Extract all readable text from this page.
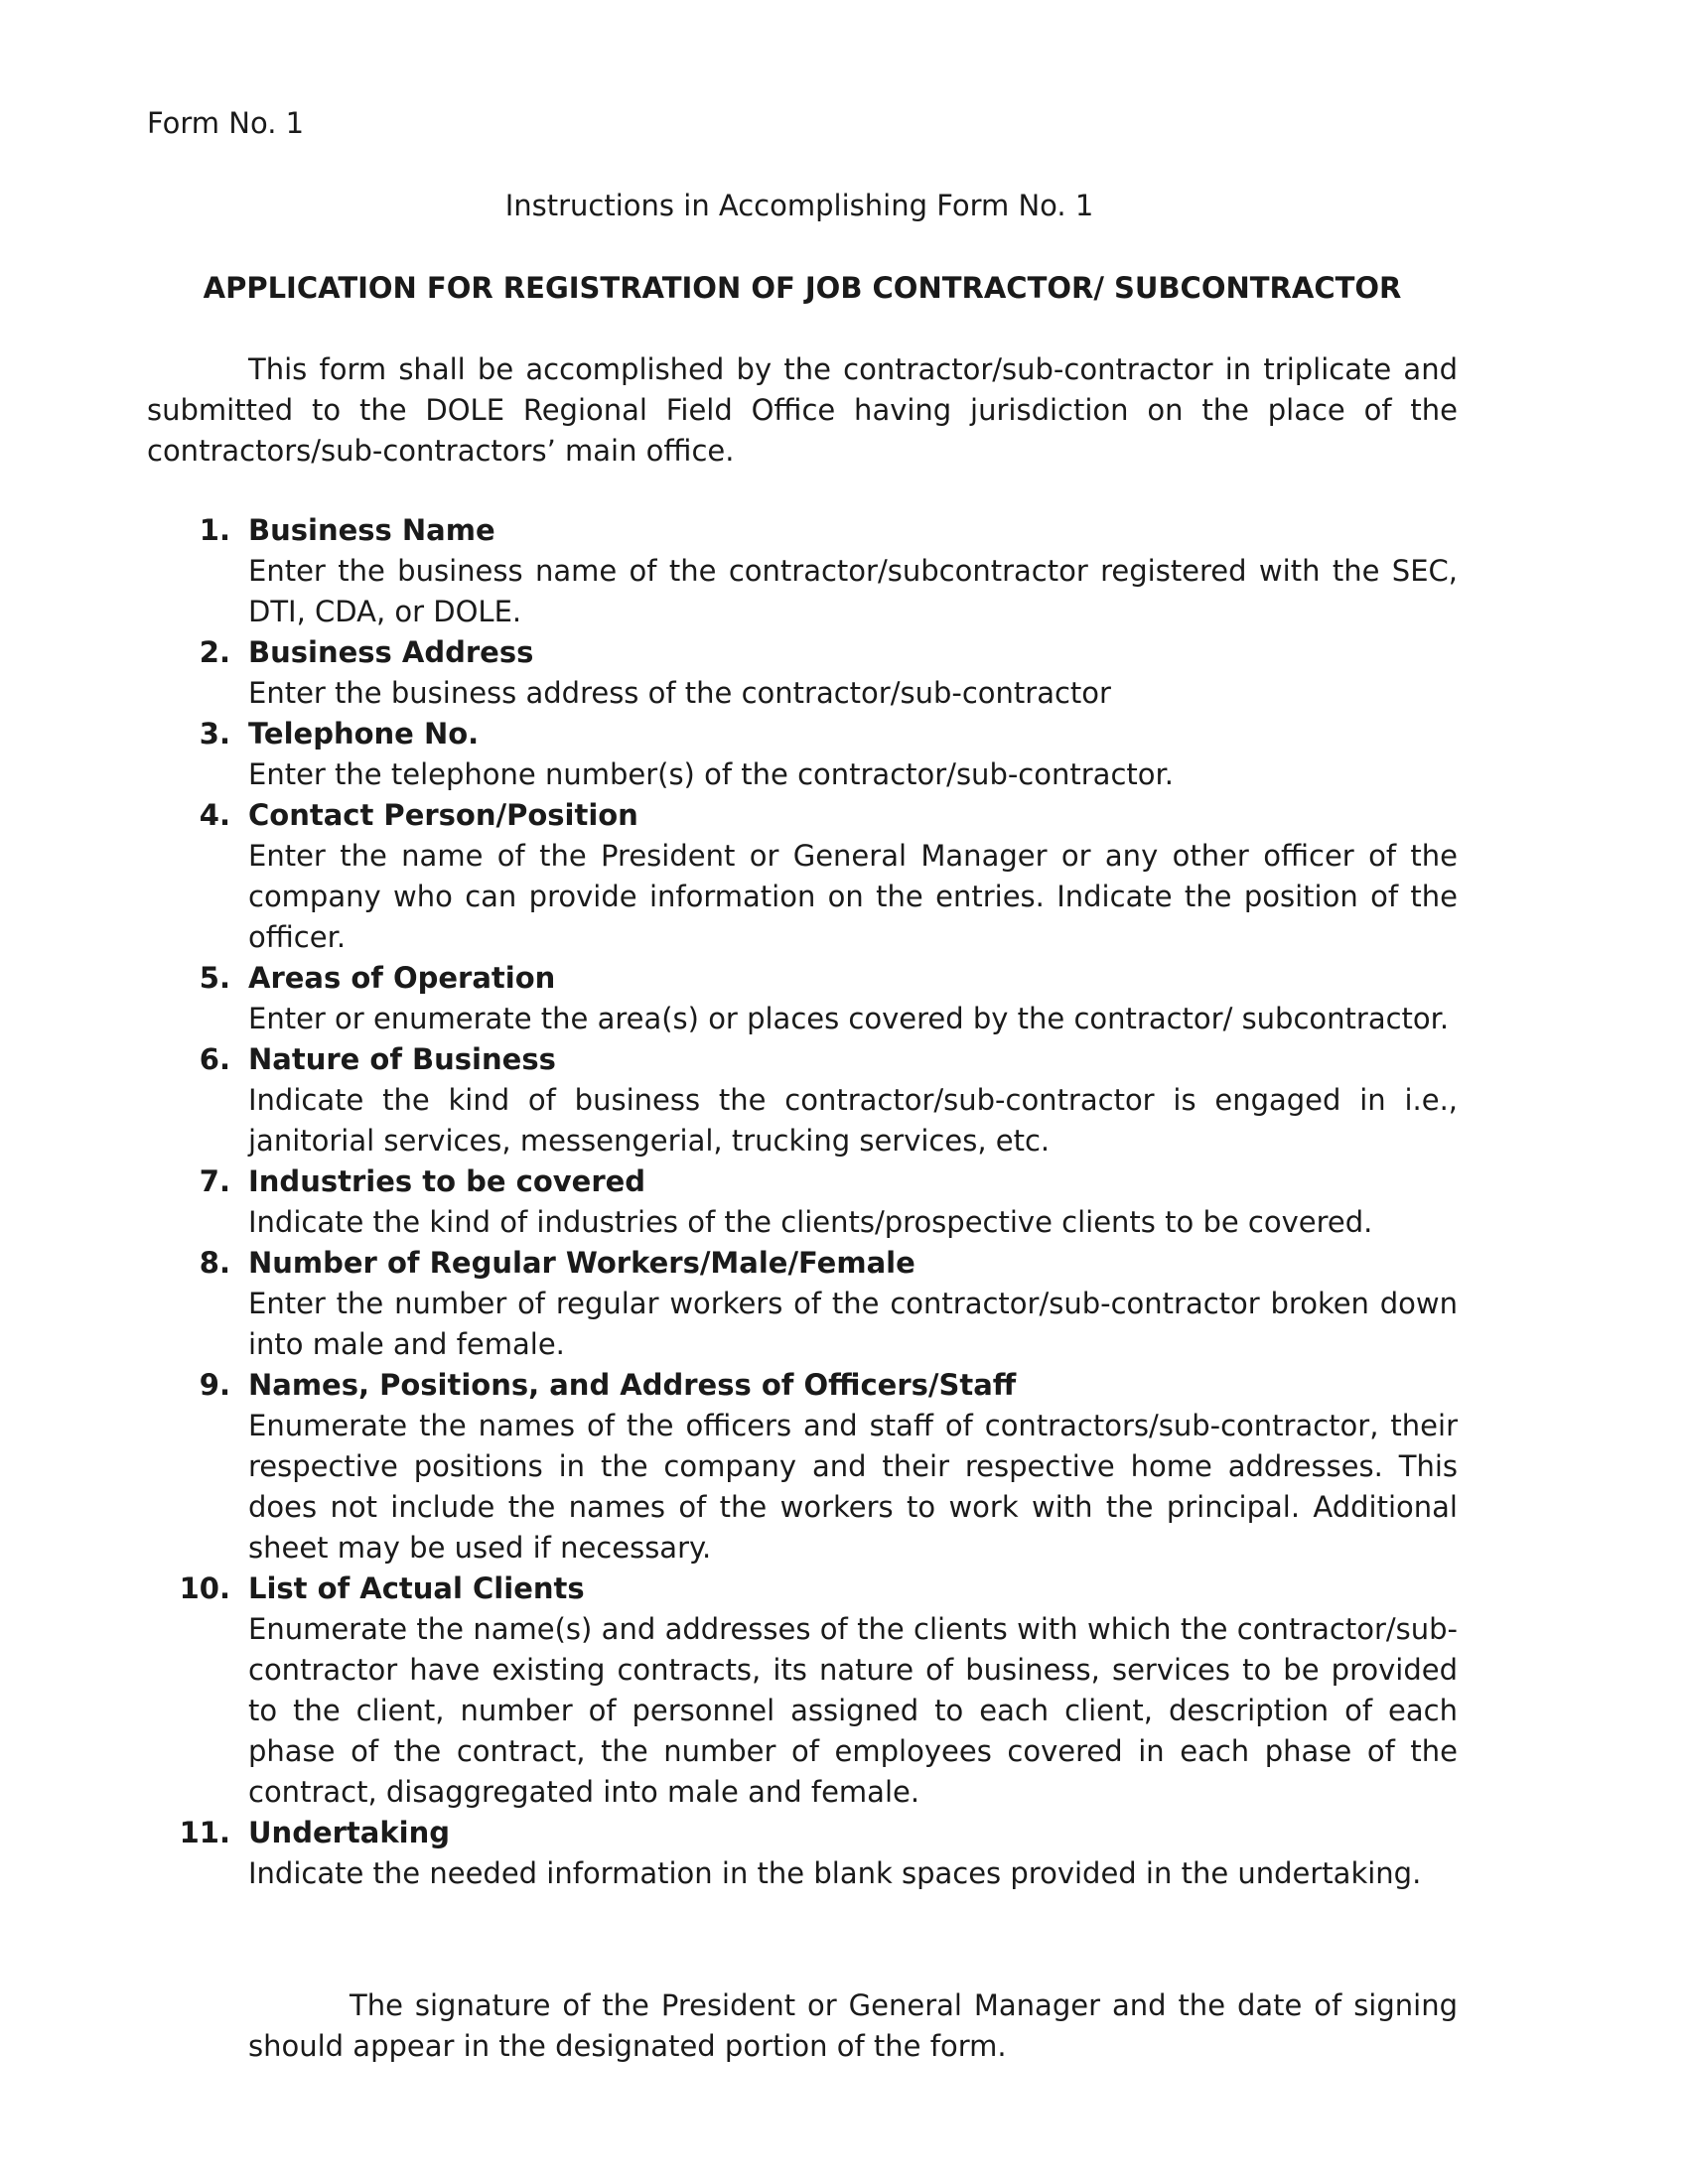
Form No. 1
Instructions in Accomplishing Form No. 1
APPLICATION FOR REGISTRATION OF JOB CONTRACTOR/ SUBCONTRACTOR

This form shall be accomplished by the contractor/sub-contractor in triplicate and submitted to the DOLE Regional Field Office having jurisdiction on the place of the contractors/sub-contractors’ main office.

1. Business Name
Enter the business name of the contractor/subcontractor registered with the SEC, DTI, CDA, or DOLE.
2. Business Address
Enter the business address of the contractor/sub-contractor
3. Telephone No.
Enter the telephone number(s) of the contractor/sub-contractor.
4. Contact Person/Position
Enter the name of the President or General Manager or any other officer of the company who can provide information on the entries. Indicate the position of the officer.
5. Areas of Operation
Enter or enumerate the area(s) or places covered by the contractor/ subcontractor.
6. Nature of Business
Indicate the kind of business the contractor/sub-contractor is engaged in i.e., janitorial services, messengerial, trucking services, etc.
7. Industries to be covered
Indicate the kind of industries of the clients/prospective clients to be covered.
8. Number of Regular Workers/Male/Female
Enter the number of regular workers of the contractor/sub-contractor broken down into male and female.
9. Names, Positions, and Address of Officers/Staff
Enumerate the names of the officers and staff of contractors/sub-contractor, their respective positions in the company and their respective home addresses. This does not include the names of the workers to work with the principal. Additional sheet may be used if necessary.
10. List of Actual Clients
Enumerate the name(s) and addresses of the clients with which the contractor/sub-contractor have existing contracts, its nature of business, services to be provided to the client, number of personnel assigned to each client, description of each phase of the contract, the number of employees covered in each phase of the contract, disaggregated into male and female.
11. Undertaking
Indicate the needed information in the blank spaces provided in the undertaking.

The signature of the President or General Manager and the date of signing should appear in the designated portion of the form.
